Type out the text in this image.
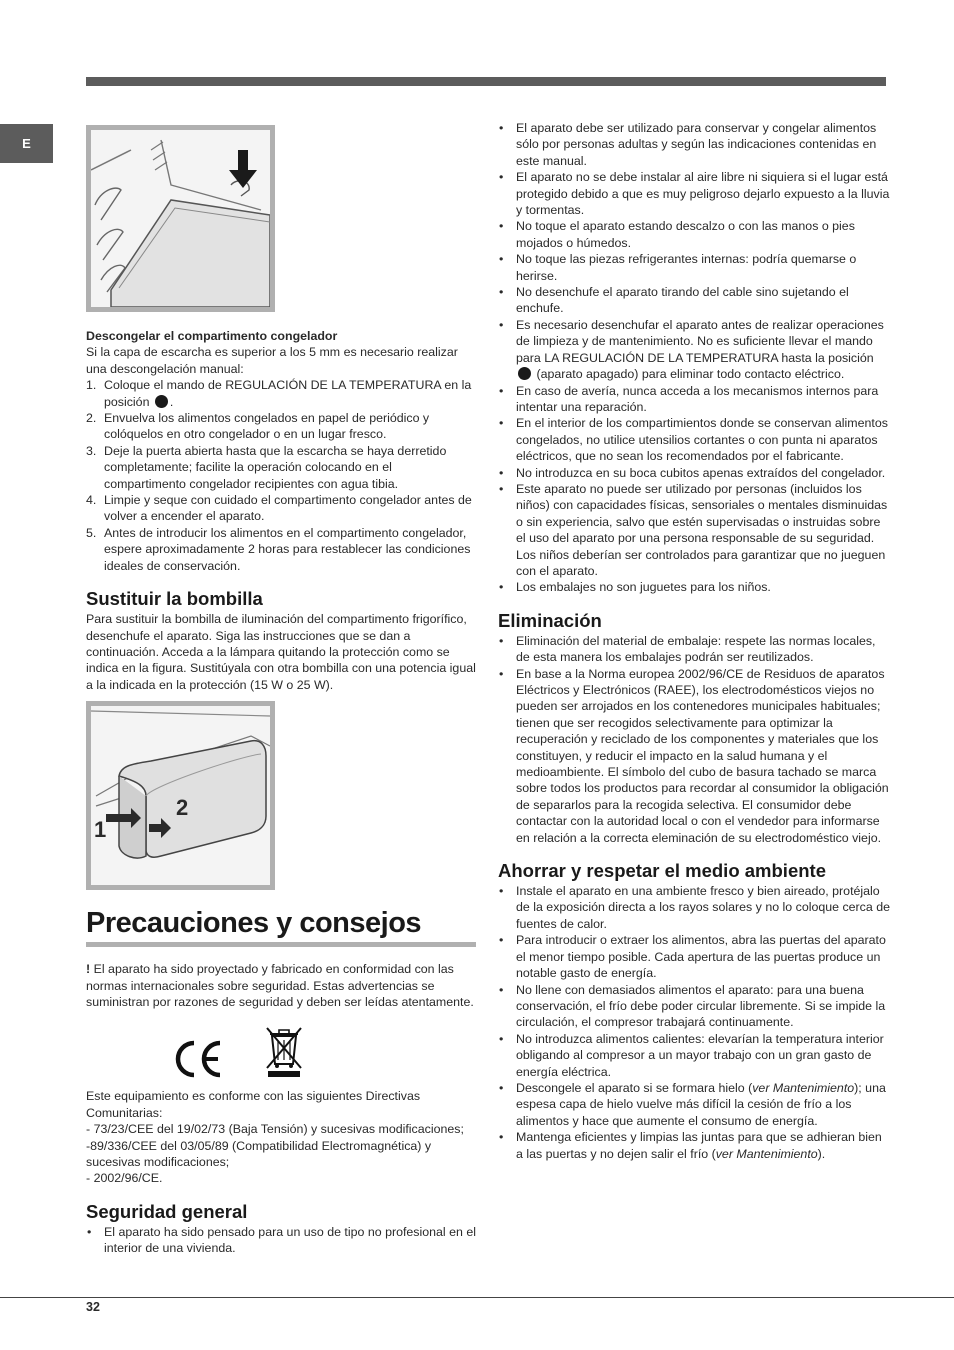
E

Descongelar el compartimento congelador

Si la capa de escarcha es superior a los 5 mm es necesario realizar una descongelación manual:

1. Coloque el mando de REGULACIÓN DE LA TEMPERATURA en la posición .
2. Envuelva los alimentos congelados en papel de periódico y colóquelos en otro congelador o en un lugar fresco.
3. Deje la puerta abierta hasta que la escarcha se haya derretido completamente; facilite la operación colocando en el compartimento congelador recipientes con agua tibia.
4. Limpie y seque con cuidado el compartimento congelador antes de volver a encender el aparato.
5. Antes de introducir los alimentos en el compartimento congelador, espere aproximadamente 2 horas para restablecer las condiciones ideales de conservación.
Sustituir la bombilla

Para sustituir la bombilla de iluminación del compartimento frigorífico, desenchufe el aparato. Siga las instrucciones que se dan a continuación. Acceda a la lámpara quitando la protección como se indica en la figura. Sustitúyala con otra bombilla con una potencia igual a la indicada en la protección (15 W o 25 W).

1
2
Precauciones y consejos

! El aparato ha sido proyectado y fabricado en conformidad con las normas internacionales sobre seguridad. Estas advertencias se suministran por razones de seguridad y deben ser leídas atentamente.

Este equipamiento es conforme con las siguientes Directivas Comunitarias:

- 73/23/CEE del 19/02/73 (Baja Tensión) y sucesivas modificaciones;

-89/336/CEE del 03/05/89 (Compatibilidad Electromagnética) y sucesivas modificaciones;

- 2002/96/CE.

Seguridad general
• El aparato ha sido pensado para un uso de tipo no profesional en el interior de una vivienda.
• El aparato debe ser utilizado para conservar y congelar alimentos sólo por personas adultas y según las indicaciones contenidas en este manual.
• El aparato no se debe instalar al aire libre ni siquiera si el lugar está protegido debido a que es muy peligroso dejarlo expuesto a la lluvia y tormentas.
• No toque el aparato estando descalzo o con las manos o pies mojados o húmedos.
• No toque las piezas refrigerantes internas: podría quemarse o herirse.
• No desenchufe el aparato tirando del cable sino sujetando el enchufe.
• Es necesario desenchufar el aparato antes de realizar operaciones de limpieza y de mantenimiento. No es suficiente llevar el mando para LA REGULACIÓN DE LA TEMPERATURA hasta la posición  (aparato apagado) para eliminar todo contacto eléctrico.
• En caso de avería, nunca acceda a los mecanismos internos para intentar una reparación.
• En el interior de los compartimientos donde se conservan alimentos congelados, no utilice utensilios cortantes o con punta ni aparatos eléctricos, que no sean los recomendados por el fabricante.
• No introduzca en su boca cubitos apenas extraídos del congelador.
• Este aparato no puede ser utilizado por personas (incluidos los niños) con capacidades físicas, sensoriales o mentales disminuidas o sin experiencia, salvo que estén supervisadas o instruidas sobre el uso del aparato por una persona responsable de su seguridad. Los niños deberían ser controlados para garantizar que no jueguen con el aparato.
• Los embalajes no son juguetes para los niños.
Eliminación
• Eliminación del material de embalaje: respete las normas locales, de esta manera los embalajes podrán ser reutilizados.
• En base a la Norma europea 2002/96/CE de Residuos de aparatos Eléctricos y Electrónicos (RAEE), los electrodomésticos viejos no pueden ser arrojados en los contenedores municipales habituales; tienen que ser recogidos selectivamente para optimizar la recuperación y reciclado de los componentes y materiales que los constituyen, y reducir el impacto en la salud humana y el medioambiente. El símbolo del cubo de basura tachado se marca sobre todos los productos para recordar al consumidor la obligación de separarlos para la recogida selectiva. El consumidor debe contactar con la autoridad local o con el vendedor para informarse en relación a la correcta eleminación de su electrodoméstico viejo.
Ahorrar y respetar el medio ambiente
• Instale el aparato en una ambiente fresco y bien aireado, protéjalo de la exposición directa a los rayos solares y no lo coloque cerca de fuentes de calor.
• Para introducir o extraer los alimentos, abra las puertas del aparato el menor tiempo posible. Cada apertura de las puertas produce un notable gasto de energía.
• No llene con demasiados alimentos el aparato: para una buena conservación, el frío debe poder circular libremente. Si se impide la circulación, el compresor trabajará continuamente.
• No introduzca alimentos calientes: elevarían la temperatura interior obligando al compresor a un mayor trabajo con un gran gasto de energía eléctrica.
• Descongele el aparato si se formara hielo (ver Mantenimiento); una espesa capa de hielo vuelve más difícil la cesión de frío a los alimentos y hace que aumente el consumo de energía.
• Mantenga eficientes y limpias las juntas para que se adhieran bien a las puertas y no dejen salir el frío (ver Mantenimiento).
32
